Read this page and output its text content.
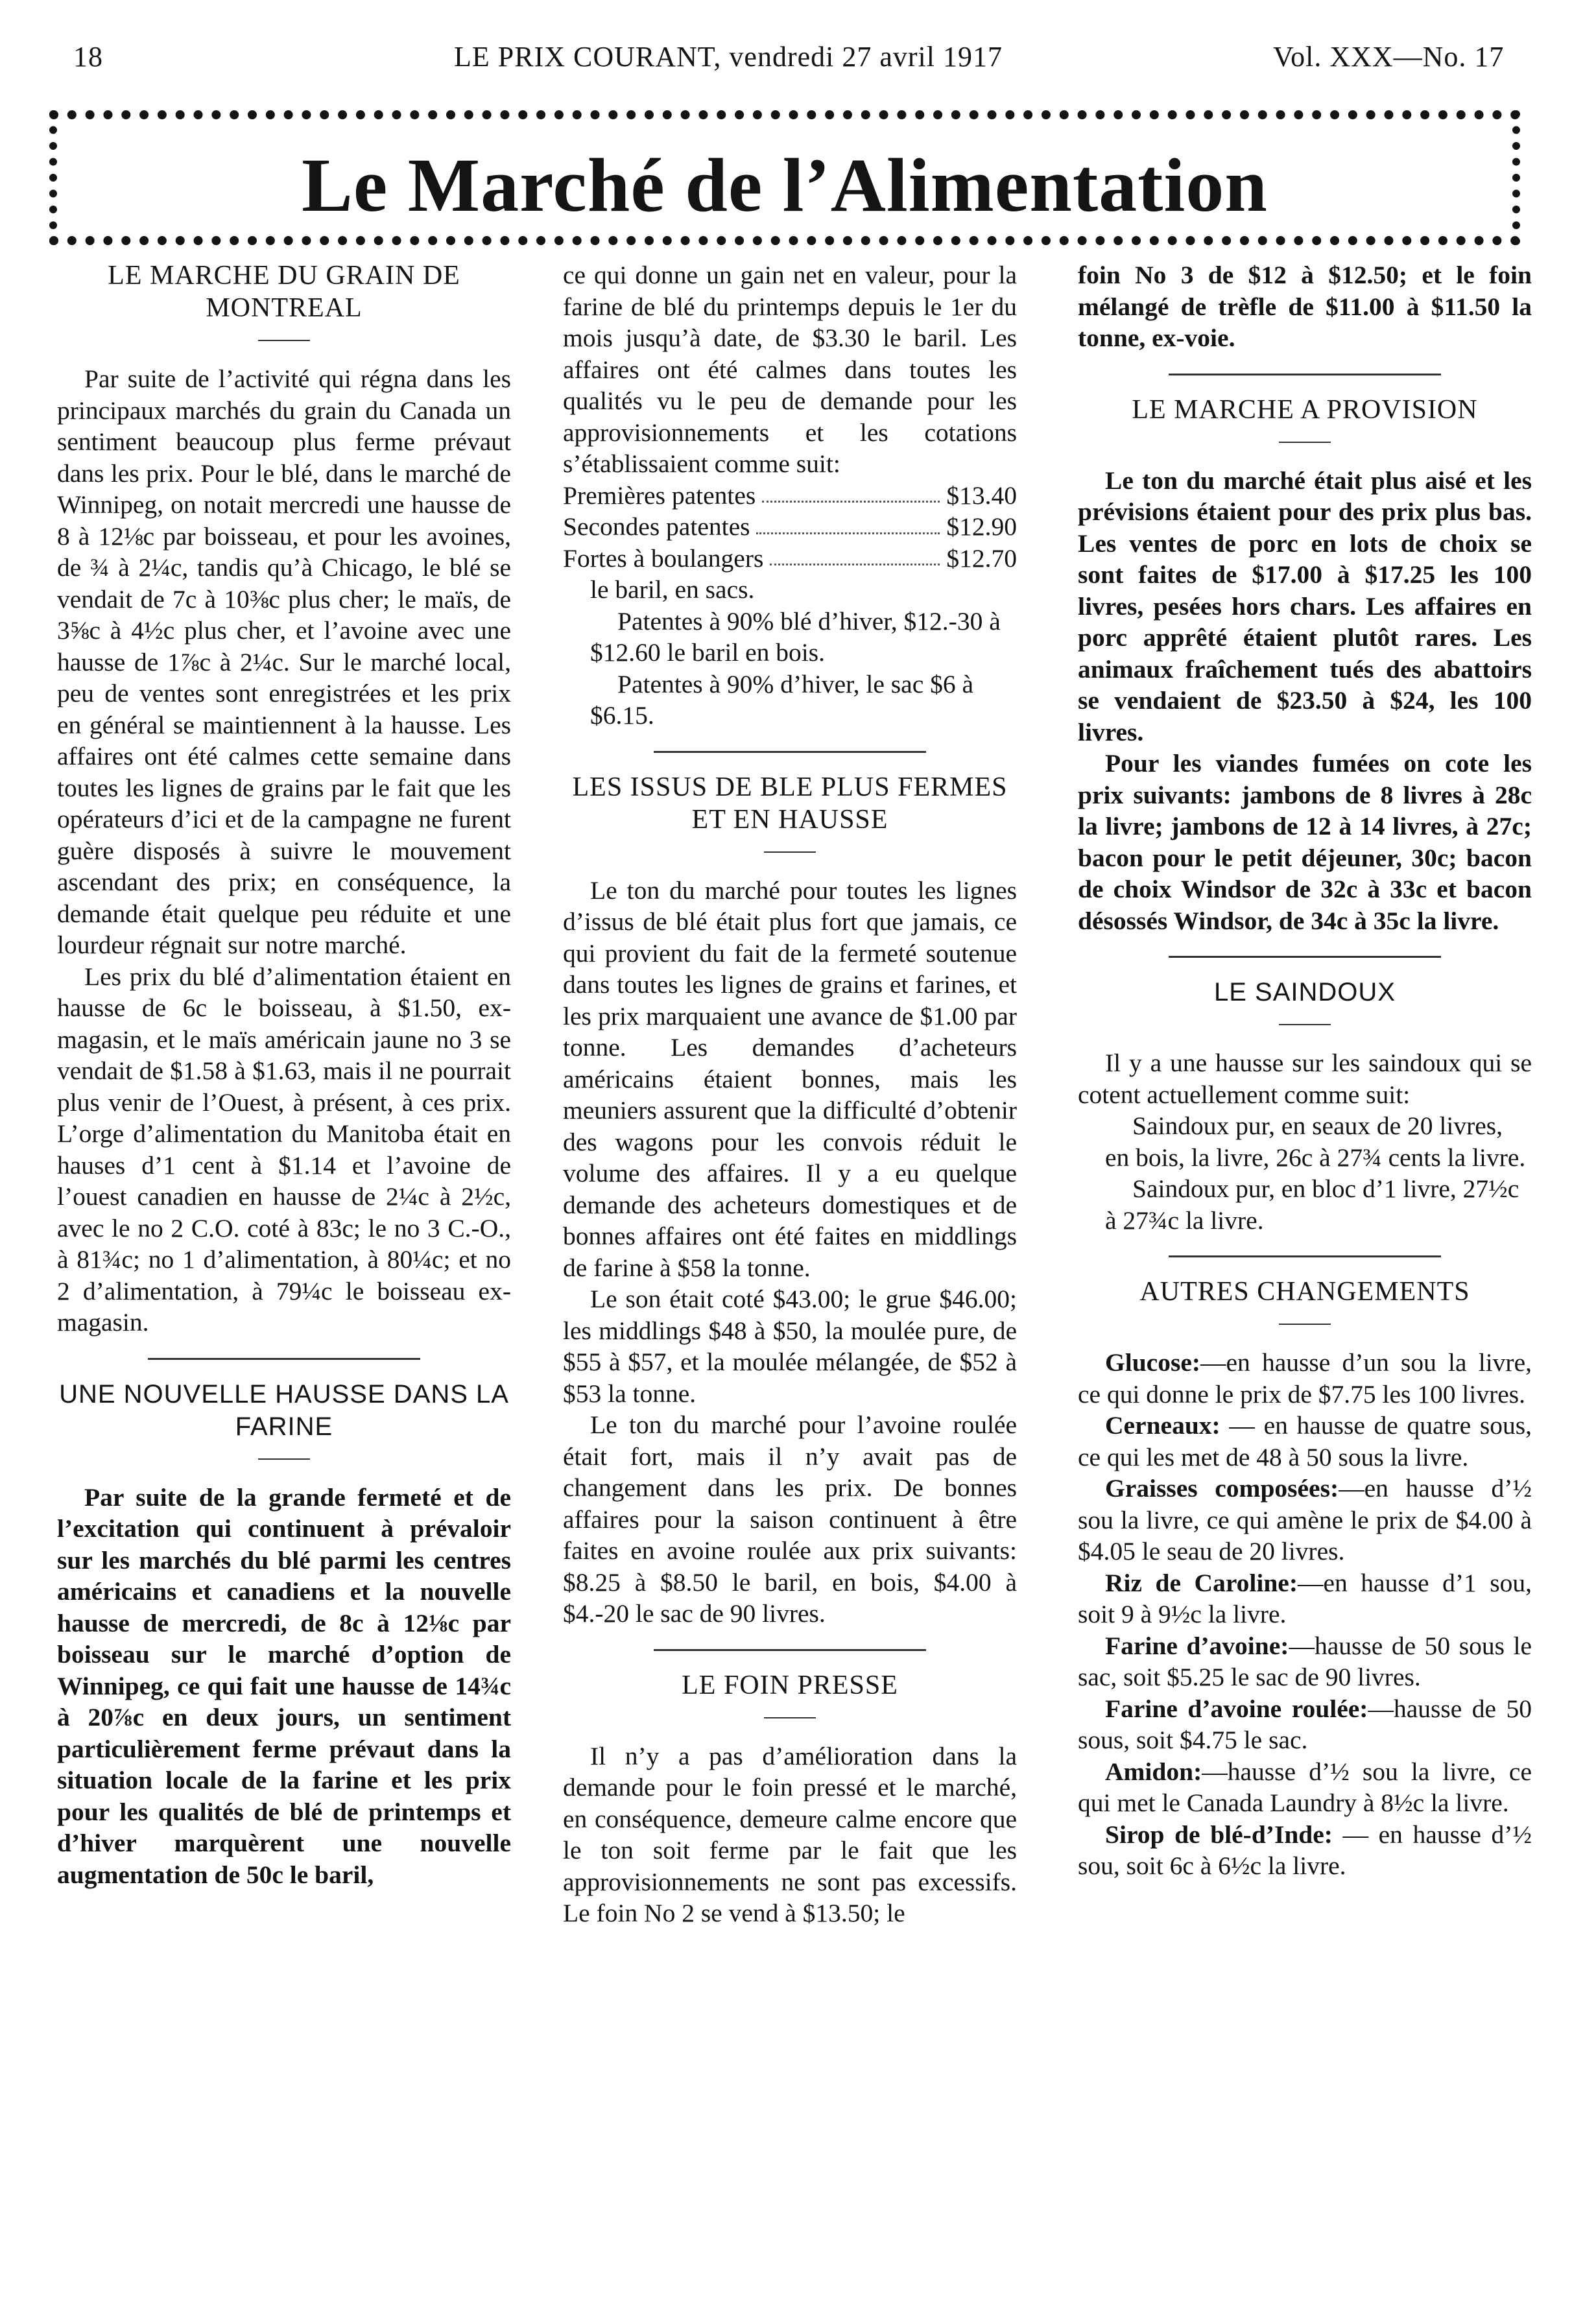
18	LE PRIX COURANT, vendredi 27 avril 1917	Vol. XXX—No. 17
Le Marché de l’Alimentation
LE MARCHE DU GRAIN DE MONTREAL

Par suite de l’activité qui régna dans les principaux marchés du grain du Canada un sentiment beaucoup plus ferme prévaut dans les prix. Pour le blé, dans le marché de Winnipeg, on notait mercredi une hausse de 8 à 12⅛c par boisseau, et pour les avoines, de ¾ à 2¼c, tandis qu’à Chicago, le blé se vendait de 7c à 10⅜c plus cher; le maïs, de 3⅝c à 4½c plus cher, et l’avoine avec une hausse de 1⅞c à 2¼c. Sur le marché local, peu de ventes sont enregistrées et les prix en général se maintiennent à la hausse. Les affaires ont été calmes cette semaine dans toutes les lignes de grains par le fait que les opérateurs d’ici et de la campagne ne furent guère disposés à suivre le mouvement ascendant des prix; en conséquence, la demande était quelque peu réduite et une lourdeur régnait sur notre marché.

Les prix du blé d’alimentation étaient en hausse de 6c le boisseau, à $1.50, ex-magasin, et le maïs américain jaune no 3 se vendait de $1.58 à $1.63, mais il ne pourrait plus venir de l’Ouest, à présent, à ces prix. L’orge d’alimentation du Manitoba était en hauses d’1 cent à $1.14 et l’avoine de l’ouest canadien en hausse de 2¼c à 2½c, avec le no 2 C.O. coté à 83c; le no 3 C.-O., à 81¾c; no 1 d’alimentation, à 80¼c; et no 2 d’alimentation, à 79¼c le boisseau ex-magasin.

UNE NOUVELLE HAUSSE DANS LA FARINE

Par suite de la grande fermeté et de l’excitation qui continuent à prévaloir sur les marchés du blé parmi les centres américains et canadiens et la nouvelle hausse de mercredi, de 8c à 12⅛c par boisseau sur le marché d’option de Winnipeg, ce qui fait une hausse de 14¾c à 20⅞c en deux jours, un sentiment particulièrement ferme prévaut dans la situation locale de la farine et les prix pour les qualités de blé de printemps et d’hiver marquèrent une nouvelle augmentation de 50c le baril,

ce qui donne un gain net en valeur, pour la farine de blé du printemps depuis le 1er du mois jusqu’à date, de $3.30 le baril. Les affaires ont été calmes dans toutes les qualités vu le peu de demande pour les approvisionnements et les cotations s’établissaient comme suit:

Premières patentes	$13.40
Secondes patentes	$12.90
Fortes à boulangers	$12.70

le baril, en sacs.

Patentes à 90% blé d’hiver, $12.-30 à $12.60 le baril en bois.

Patentes à 90% d’hiver, le sac $6 à $6.15.

LES ISSUS DE BLE PLUS FERMES ET EN HAUSSE

Le ton du marché pour toutes les lignes d’issus de blé était plus fort que jamais, ce qui provient du fait de la fermeté soutenue dans toutes les lignes de grains et farines, et les prix marquaient une avance de $1.00 par tonne. Les demandes d’acheteurs américains étaient bonnes, mais les meuniers assurent que la difficulté d’obtenir des wagons pour les convois réduit le volume des affaires. Il y a eu quelque demande des acheteurs domestiques et de bonnes affaires ont été faites en middlings de farine à $58 la tonne.

Le son était coté $43.00; le grue $46.00; les middlings $48 à $50, la moulée pure, de $55 à $57, et la moulée mélangée, de $52 à $53 la tonne.

Le ton du marché pour l’avoine roulée était fort, mais il n’y avait pas de changement dans les prix. De bonnes affaires pour la saison continuent à être faites en avoine roulée aux prix suivants: $8.25 à $8.50 le baril, en bois, $4.00 à $4.-20 le sac de 90 livres.

LE FOIN PRESSE

Il n’y a pas d’amélioration dans la demande pour le foin pressé et le marché, en conséquence, demeure calme encore que le ton soit ferme par le fait que les approvisionnements ne sont pas excessifs. Le foin No 2 se vend à $13.50; le

foin No 3 de $12 à $12.50; et le foin mélangé de trèfle de $11.00 à $11.50 la tonne, ex-voie.

LE MARCHE A PROVISION

Le ton du marché était plus aisé et les prévisions étaient pour des prix plus bas. Les ventes de porc en lots de choix se sont faites de $17.00 à $17.25 les 100 livres, pesées hors chars. Les affaires en porc apprêté étaient plutôt rares. Les animaux fraîchement tués des abattoirs se vendaient de $23.50 à $24, les 100 livres.

Pour les viandes fumées on cote les prix suivants: jambons de 8 livres à 28c la livre; jambons de 12 à 14 livres, à 27c; bacon pour le petit déjeuner, 30c; bacon de choix Windsor de 32c à 33c et bacon désossés Windsor, de 34c à 35c la livre.

LE SAINDOUX

Il y a une hausse sur les saindoux qui se cotent actuellement comme suit:

Saindoux pur, en seaux de 20 livres, en bois, la livre, 26c à 27¾ cents la livre.

Saindoux pur, en bloc d’1 livre, 27½c à 27¾c la livre.

AUTRES CHANGEMENTS

Glucose:—en hausse d’un sou la livre, ce qui donne le prix de $7.75 les 100 livres.

Cerneaux: — en hausse de quatre sous, ce qui les met de 48 à 50 sous la livre.

Graisses composées:—en hausse d’½ sou la livre, ce qui amène le prix de $4.00 à $4.05 le seau de 20 livres.

Riz de Caroline:—en hausse d’1 sou, soit 9 à 9½c la livre.

Farine d’avoine:—hausse de 50 sous le sac, soit $5.25 le sac de 90 livres.

Farine d’avoine roulée:—hausse de 50 sous, soit $4.75 le sac.

Amidon:—hausse d’½ sou la livre, ce qui met le Canada Laundry à 8½c la livre.

Sirop de blé-d’Inde: — en hausse d’½ sou, soit 6c à 6½c la livre.
